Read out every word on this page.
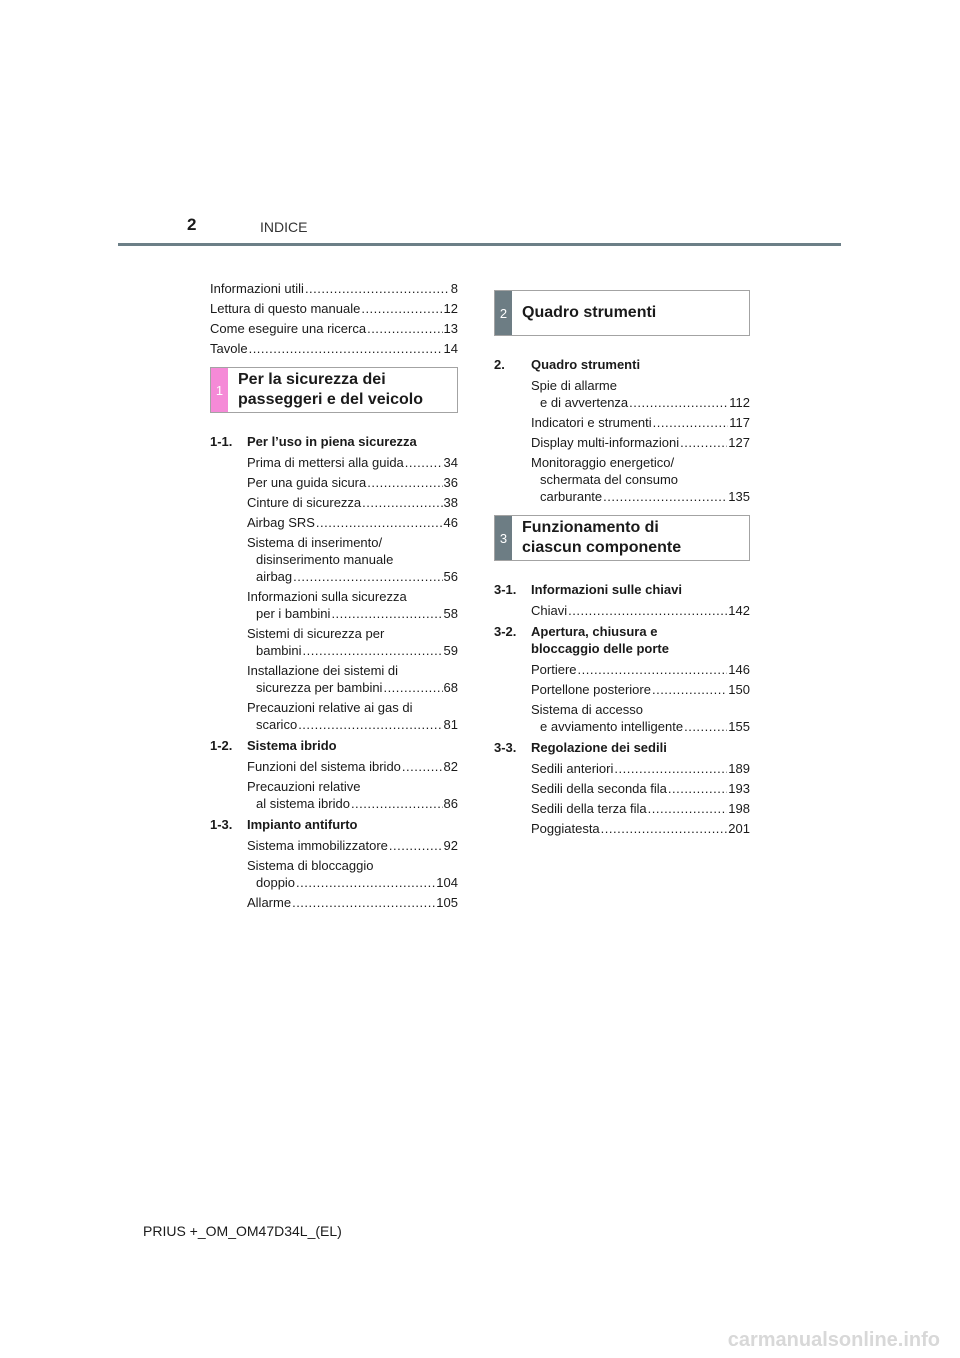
2	INDICE
Informazioni utili .....	8
Lettura di questo manuale .....	12
Come eseguire una ricerca .....	13
Tavole .....	14
1
Per la sicurezza dei
passeggeri e del veicolo
1-1.	Per l’uso in piena sicurezza
Prima di mettersi alla guida .....	34
Per una guida sicura .....	36
Cinture di sicurezza .....	38
Airbag SRS .....	46
Sistema di inserimento/
disinserimento manuale
airbag .....	56
Informazioni sulla sicurezza
per i bambini .....	58
Sistemi di sicurezza per
bambini .....	59
Installazione dei sistemi di
sicurezza per bambini .....	68
Precauzioni relative ai gas di
scarico .....	81
1-2.	Sistema ibrido
Funzioni del sistema ibrido .....	82
Precauzioni relative
al sistema ibrido .....	86
1-3.	Impianto antifurto
Sistema immobilizzatore .....	92
Sistema di bloccaggio
doppio .....	104
Allarme .....	105
2 Quadro strumenti
2.	Quadro strumenti
Spie di allarme
e di avvertenza .....	112
Indicatori e strumenti .....	117
Display multi-informazioni .....	127
Monitoraggio energetico/
schermata del consumo
carburante .....	135
3
Funzionamento di
ciascun componente
3-1.	Informazioni sulle chiavi
Chiavi .....	142
3-2.	Apertura, chiusura e
bloccaggio delle porte
Portiere .....	146
Portellone posteriore .....	150
Sistema di accesso
e avviamento intelligente .....	155
3-3.	Regolazione dei sedili
Sedili anteriori .....	189
Sedili della seconda fila .....	193
Sedili della terza fila .....	198
Poggiatesta .....	201
PRIUS +_OM_OM47D34L_(EL)
carmanualsonline.info
